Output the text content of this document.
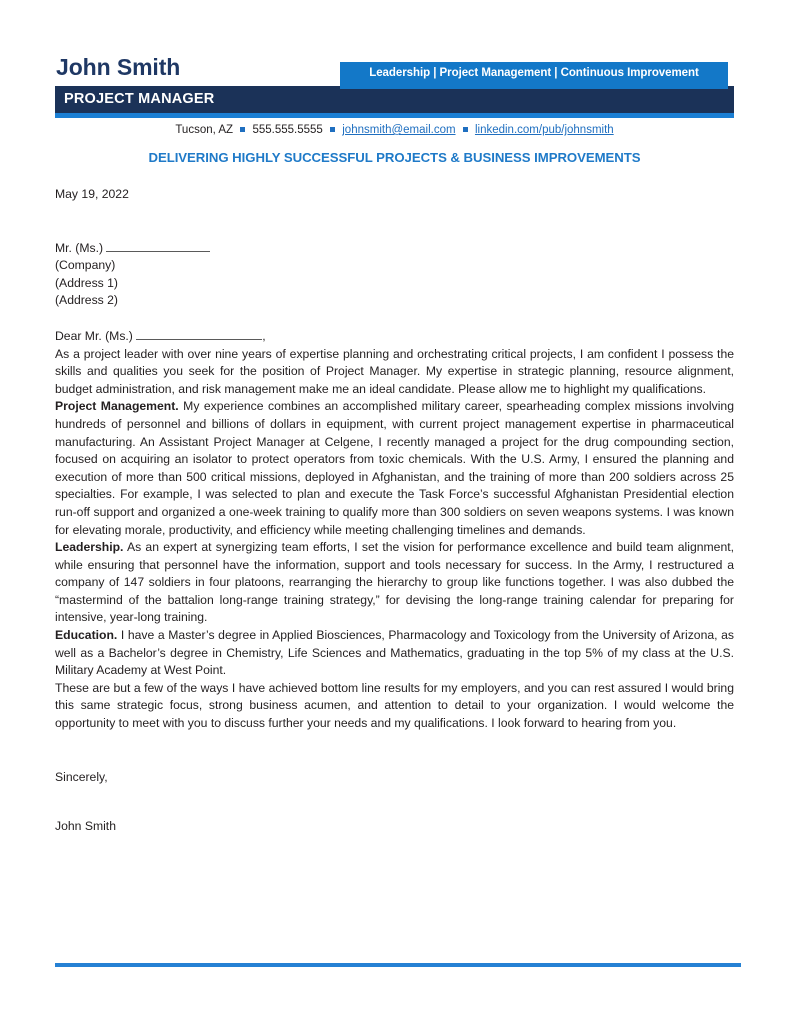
John Smith
PROJECT MANAGER
Leadership | Project Management | Continuous Improvement
Tucson, AZ 555.555.5555 johnsmith@email.com linkedin.com/pub/johnsmith
DELIVERING HIGHLY SUCCESSFUL PROJECTS & BUSINESS IMPROVEMENTS
May 19, 2022
Mr. (Ms.)
(Company)
(Address 1)
(Address 2)
Dear Mr. (Ms.)	,

As a project leader with over nine years of expertise planning and orchestrating critical projects, I am confident I possess the skills and qualities you seek for the position of Project Manager. My expertise in strategic planning, resource alignment, budget administration, and risk management make me an ideal candidate. Please allow me to highlight my qualifications.

Project Management. My experience combines an accomplished military career, spearheading complex missions involving hundreds of personnel and billions of dollars in equipment, with current project management expertise in pharmaceutical manufacturing. An Assistant Project Manager at Celgene, I recently managed a project for the drug compounding section, focused on acquiring an isolator to protect operators from toxic chemicals. With the U.S. Army, I ensured the planning and execution of more than 500 critical missions, deployed in Afghanistan, and the training of more than 200 soldiers across 25 specialties. For example, I was selected to plan and execute the Task Force’s successful Afghanistan Presidential election run-off support and organized a one-week training to qualify more than 300 soldiers on seven weapons systems. I was known for elevating morale, productivity, and efficiency while meeting challenging timelines and demands.

Leadership. As an expert at synergizing team efforts, I set the vision for performance excellence and build team alignment, while ensuring that personnel have the information, support and tools necessary for success. In the Army, I restructured a company of 147 soldiers in four platoons, rearranging the hierarchy to group like functions together. I was also dubbed the “mastermind of the battalion long-range training strategy,” for devising the long-range training calendar for preparing for intensive, year-long training.

Education. I have a Master’s degree in Applied Biosciences, Pharmacology and Toxicology from the University of Arizona, as well as a Bachelor’s degree in Chemistry, Life Sciences and Mathematics, graduating in the top 5% of my class at the U.S. Military Academy at West Point.

These are but a few of the ways I have achieved bottom line results for my employers, and you can rest assured I would bring this same strategic focus, strong business acumen, and attention to detail to your organization. I would welcome the opportunity to meet with you to discuss further your needs and my qualifications. I look forward to hearing from you.

Sincerely,
John Smith
